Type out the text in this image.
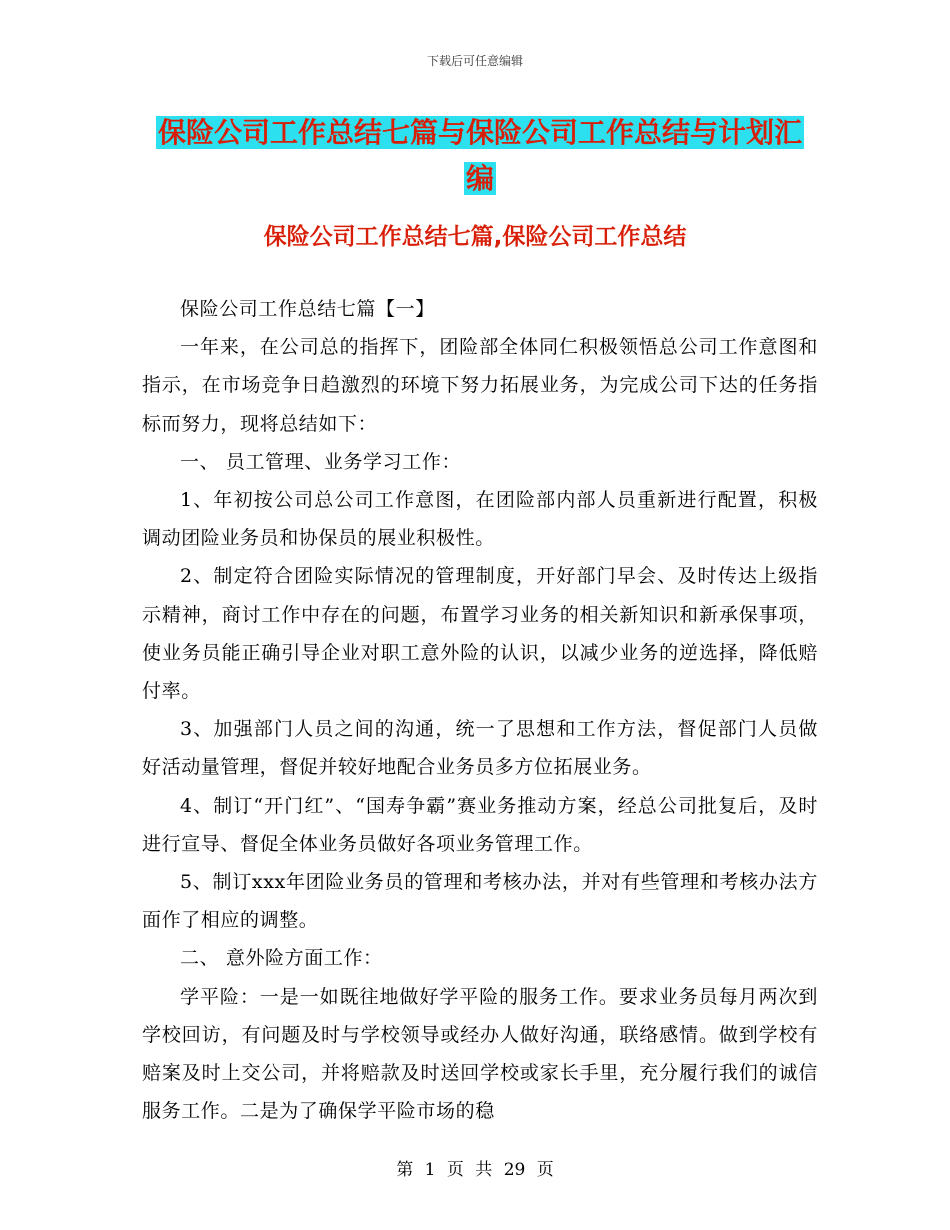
下载后可任意编辑
保险公司工作总结七篇与保险公司工作总结与计划汇
编
保险公司工作总结七篇,保险公司工作总结

保险公司工作总结七篇【一】

一年来，在公司总的指挥下，团险部全体同仁积极领悟总公司工作意图和指示，在市场竞争日趋激烈的环境下努力拓展业务，为完成公司下达的任务指标而努力，现将总结如下：

一、 员工管理、业务学习工作：

1、年初按公司总公司工作意图，在团险部内部人员重新进行配置，积极调动团险业务员和协保员的展业积极性。

2、制定符合团险实际情况的管理制度，开好部门早会、及时传达上级指示精神，商讨工作中存在的问题，布置学习业务的相关新知识和新承保事项，使业务员能正确引导企业对职工意外险的认识，以减少业务的逆选择，降低赔付率。

3、加强部门人员之间的沟通，统一了思想和工作方法，督促部门人员做好活动量管理，督促并较好地配合业务员多方位拓展业务。

4、制订“开门红”、“国寿争霸”赛业务推动方案，经总公司批复后，及时进行宣导、督促全体业务员做好各项业务管理工作。

5、制订xxx年团险业务员的管理和考核办法，并对有些管理和考核办法方面作了相应的调整。

二、 意外险方面工作：

学平险：一是一如既往地做好学平险的服务工作。要求业务员每月两次到学校回访，有问题及时与学校领导或经办人做好沟通，联络感情。做到学校有赔案及时上交公司，并将赔款及时送回学校或家长手里，充分履行我们的诚信服务工作。二是为了确保学平险市场的稳

第 1 页 共 29 页
